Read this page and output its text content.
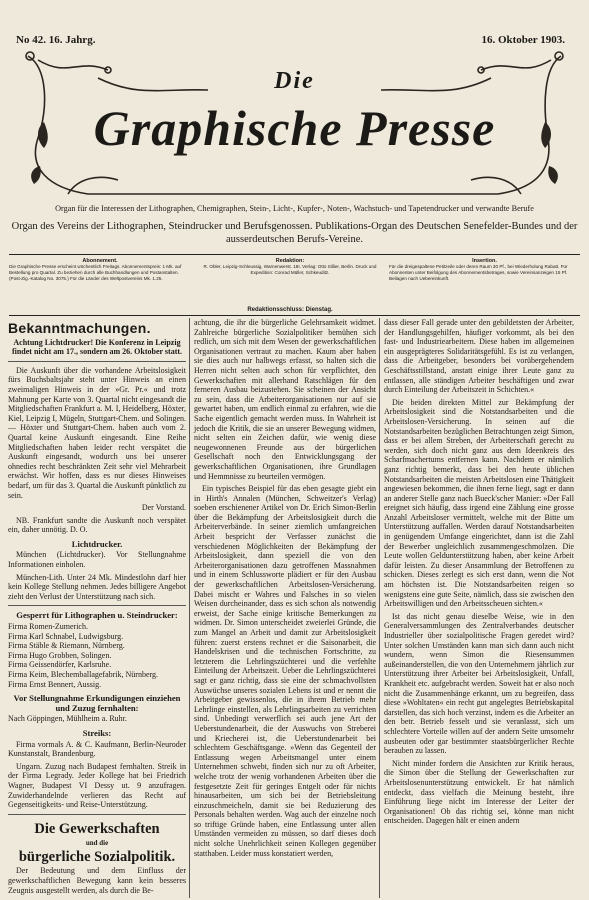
No 42. 16. Jahrg.	16. Oktober 1903.
Die
Graphische Presse
Organ für die Interessen der Lithographen, Chemigraphen, Stein-, Licht-, Kupfer-, Noten-, Wachstuch- und Tapetendrucker und verwandte Berufe
Organ des Vereins der Lithographen, Steindrucker und Berufsgenossen. Publikations-Organ des Deutschen Senefelder-Bundes und der ausserdeutschen Berufs-Vereine.
Abonnement.
Die Graphische Presse erscheint wöchentlich Freitags. Abonnementspreis: 1 Mk. auf Bestellung pro Quartal. Zu beziehen durch alle Buchhandlungen und Postanstalten. (Post-Zig.-Katalog No. 3075.) Für die Länder des Weltpostvereins Mk. 1.25.
Redaktion:
R. Obler, Leipzig-Schleussig, Warnenwerst. 18I. Verlag: Otto Sillier, Berlin. Druck und Expedition: Conrad Müller, Schkeuditz.
Redaktionsschluss: Dienstag.
Insertion.
Für die dreigespaltene Petitzeile oder deren Raum 30 Pf., bei Wiederholung Rabatt. Für Abonnenten unter Beifolgung des Abonnementsbetrages, sowie Vereinsanzeigen 15 Pf. Beilagen nach Uebereinkunft.
Bekanntmachungen.

Achtung Lichtdrucker! Die Konferenz in Leipzig findet nicht am 17., sondern am 26. Oktober statt.

Die Auskunft über die vorhandene Arbeitslosigkeit fürs Buchsbaltsjahr steht unter Hinweis an einen zweimaligen Hinweis in der »Gr. Pr.« und trotz Mahnung per Karte von 3. Quartal nicht eingesandt die Mitgliedschaften Frankfurt a. M. I, Heidelberg, Höxter, Kiel, Leipzig I, Mügeln, Stuttgart-Chem. und Solingen. — Höxter und Stuttgart-Chem. haben auch vom 2. Quartal keine Auskunft eingesandt. Eine Reihe Mitgliedschaften haben leider recht verspätet die Auskunft eingesandt, wodurch uns bei unserer ohnedies recht beschränkten Zeit sehr viel Mehrarbeit erwächst. Wir hoffen, dass es nur dieses Hinweises bedarf, um für das 3. Quartal die Auskunft pünktlich zu sein.

Der Vorstand.

NB. Frankfurt sandte die Auskunft noch verspätet ein, daher unnötig. D. O.

Lichtdrucker.

München (Lichtdrucker). Vor Stellungnahme Informationen einholen.

München-Lith. Unter 24 Mk. Mindestlohn darf hier kein Kollege Stellung nehmen. Jedes billigere Angebot zieht den Verlust der Unterstützung nach sich.

Gesperrt für Lithographen u. Steindrucker:
Firma Romen-Zumerich.
Firma Karl Schnabel, Ludwigsburg.
Firma Stäble & Riemann, Nürnberg.
Firma Hugo Grobben, Solingen.
Firma Geissendörfer, Karlsruhe.
Firma Keim, Blechemballagefabrik, Nürnberg.
Firma Ernst Bennert, Aussig.
Vor Stellungnahme Erkundigungen einziehen und Zuzug fernhalten:

Nach Göppingen, Mühlheim a. Ruhr.

Streiks:

Firma vormals A. & C. Kaufmann, Berlin-Neuroder Kunstanstalt, Brandenburg.

Ungarn. Zuzug nach Budapest fernhalten. Streik in der Firma Legrady. Jeder Kollege hat bei Friedrich Wagner, Budapest VI Dessy ut. 9 anzufragen. Zuwiderhandelnde verlieren das Recht auf Gegenseitigkeits- und Reise-Unterstützung.

Die Gewerkschaften
und die
bürgerliche Sozialpolitik.

Der Bedeutung und dem Einfluss der gewerkschaftlichen Bewegung kann kein besseres Zeugnis ausgestellt werden, als durch die Be-

achtung, die ihr die bürgerliche Gelehrsamkeit widmet. Zahlreiche bürgerliche Sozialpolitiker bemühen sich redlich, um sich mit dem Wesen der gewerkschaftlichen Organisationen vertraut zu machen. Kaum aber haben sie dies auch nur halbwegs erfasst, so halten sich die Herren nicht selten auch schon für verpflichtet, den Gewerkschaften mit allerhand Ratschlägen für den ferneren Ausbau beizustehen. Sie scheinen der Ansicht zu sein, dass die Arbeiterorganisationen nur auf sie gewartet haben, um endlich einmal zu erfahren, wie die Sache eigentlich gemacht werden muss. In Wahrheit ist jedoch die Kritik, die sie an unserer Bewegung widmen, nicht selten ein Zeichen dafür, wie wenig diese neugewonnenen Freunde aus der bürgerlichen Gesellschaft noch den Entwicklungsgang der gewerkschaftlichen Organisationen, ihre Grundlagen und Hemmnisse zu beurteilen vermögen.

Ein typisches Beispiel für das eben gesagte giebt ein in Hirth's Annalen (München, Schweitzer's Verlag) soeben erschienener Artikel von Dr. Erich Simon-Berlin über die Bekämpfung der Arbeitslosigkeit durch die Arbeiterverbände. In seiner ziemlich umfangreichen Arbeit bespricht der Verfasser zunächst die verschiedenen Möglichkeiten der Bekämpfung der Arbeitslosigkeit, dann speziell die von den Arbeiterorganisationen dazu getroffenen Massnahmen und in einem Schlussworte plädiert er für den Ausbau der gewerkschaftlichen Arbeitslosen-Versicherung. Dabei mischt er Wahres und Falsches in so vielen Weisen durcheinander, dass es sich schon als notwendig erweist, der Sache einige kritische Bemerkungen zu widmen. Dr. Simon unterscheidet zweierlei Gründe, die zum Mangel an Arbeit und damit zur Arbeitslosigkeit führen: zuerst erstens rechnet er die Saisonarbeit, die Handelskrisen und die technischen Fortschritte, zu letzterem die Lehrlingszüchterei und die verfehlte Einteilung der Arbeitszeit. Ueber die Lehrlingszüchterei sagt er ganz richtig, dass sie eine der schmachvollsten Auswüchse unseres sozialen Lebens ist und er nennt die Arbeitgeber gewissenlos, die in ihrem Betrieb mehr Lehrlinge einstellen, als Lehrlingsarbeiten zu verrichten sind. Unbedingt verwerflich sei auch jene Art der Ueberstundenarbeit, die der Auswuchs von Streberei und Kriecherei ist, die Ueberstundenarbeit bei schlechtem Geschäftsgange. »Wenn das Gegenteil der Entlassung wegen Arbeitsmangel unter einem Unternehmen schwebt, finden sich nur zu oft Arbeiter, welche trotz der wenig vorhandenen Arbeiten über die festgesetzte Zeit für geringes Entgelt oder für nichts hinausarbeiten, um sich bei der Betriebsleitung einzuschmeicheln, damit sie bei Reduzierung des Personals behalten werden. Wag auch der einzelne noch so triftige Gründe haben, eine Entlassung unter allen Umständen vermeiden zu müssen, so darf dieses doch nicht solche Unehrlichkeit seinen Kollegen gegenüber statthaben. Leider muss konstatiert werden,

dass dieser Fall gerade unter den gebildetsten der Arbeiter, der Handlungsgehilfen, häufiger vorkommt, als bei den fast- und Industriearbeitern. Diese haben im allgemeinen ein ausgeprägteres Solidaritätsgefühl. Es ist zu verlangen, dass die Arbeitgeber, besonders bei vorübergehendem Geschäftsstillstand, anstatt einige ihrer Leute ganz zu entlassen, alle ständigen Arbeiter beschäftigen und zwar durch Einteilung der Arbeitszeit in Schichten.«

Die beiden direkten Mittel zur Bekämpfung der Arbeitslosigkeit sind die Notstandsarbeiten und die Arbeitslosen-Versicherung. In seinen auf die Notstandsarbeiten bezüglichen Betrachtungen zeigt Simon, dass er bei allem Streben, der Arbeiterschaft gerecht zu werden, sich doch nicht ganz aus dem Ideenkreis des Scharfmachertums entfernen kann. Nachdem er nämlich ganz richtig bemerkt, dass bei den heute üblichen Notstandsarbeiten die meisten Arbeitslosen eine Thätigkeit angewiesen bekommen, die ihnen ferne liegt, sagt er dann an anderer Stelle ganz nach Bueck'scher Manier: »Der Fall ereignet sich häufig, dass irgend eine Zählung eine grosse Anzahl Arbeitsloser vermittelt, welche mit der Bitte um Unterstützung auffallen. Werden darauf Notstandsarbeiten in genügendem Umfange eingerichtet, dann ist die Zahl der Bewerber ungleichlich zusammengeschmolzen. Die Leute wollen Geldunterstützung haben, aber keine Arbeit dafür leisten. Zu dieser Ansammlung der Betroffenen zu schicken. Dieses zerlegt es sich erst dann, wenn die Not am höchsten ist. Die Notstandsarbeiten reigen so wenigstens eine gute Seite, nämlich, dass sie zwischen den Arbeitswilligen und den Arbeitsscheuen sichten.«

Ist das nicht genau dieselbe Weise, wie in den Generalversammlungen des Zentralverbandes deutscher Industrieller über sozialpolitische Fragen geredet wird? Unter solchen Umständen kann man sich dann auch nicht wundern, wenn Simon die Riesensummen außeinanderstellen, die von den Unternehmern jährlich zur Unterstützung ihrer Arbeiter bei Arbeitslosigkeit, Unfall, Krankheit etc. aufgebracht werden. Soweit hat er also noch nicht die Zusammenhänge erkannt, um zu begreifen, dass diese »Wohltaten« ein recht gut angelegtes Betriebskapital darstellen, das sich hoch verzinst, indem es die Arbeiter an den betr. Betrieb fesselt und sie veranlasst, sich um schlechtere Vorteile willen auf der andern Seite umsomehr ausbeuten oder gar bestimmter staatsbürgerlicher Rechte berauben zu lassen.

Nicht minder fordern die Ansichten zur Kritik heraus, die Simon über die Stellung der Gewerkschaften zur Arbeitslosenunterstützung entwickelt. Er hat nämlich entdeckt, dass vielfach die Meinung besteht, ihre Einführung liege nicht im Interesse der Leiter der Organisationen! Ob das richtig sei, könne man nicht entscheiden. Dagegen hält er einen andern
